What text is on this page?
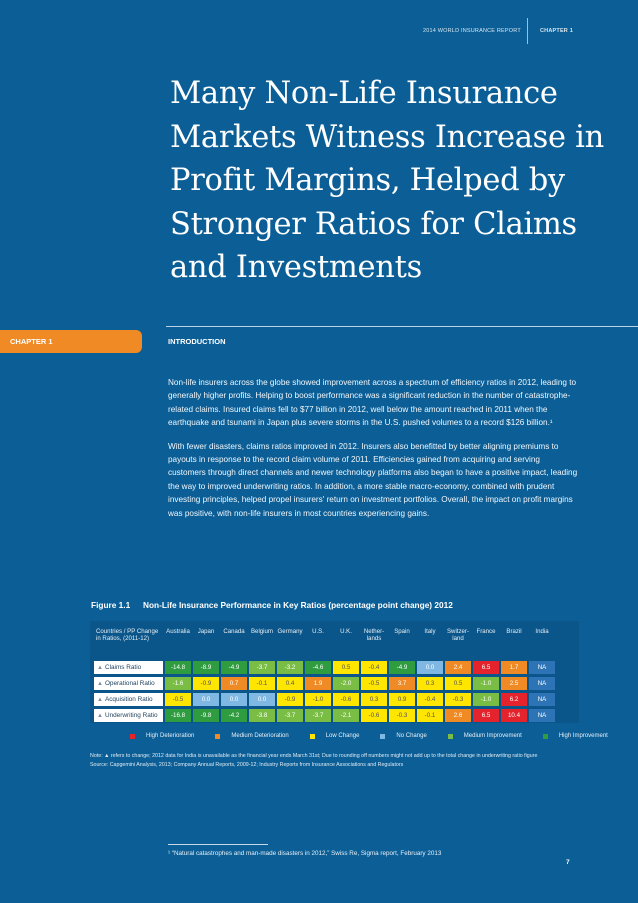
2014 WORLD INSURANCE REPORT	CHAPTER 1
Many Non-Life Insurance Markets Witness Increase in Profit Margins, Helped by Stronger Ratios for Claims and Investments
CHAPTER 1	INTRODUCTION

Non-life insurers across the globe showed improvement across a spectrum of efficiency ratios in 2012, leading to generally higher profits. Helping to boost performance was a significant reduction in the number of catastrophe-related claims. Insured claims fell to $77 billion in 2012, well below the amount reached in 2011 when the earthquake and tsunami in Japan plus severe storms in the U.S. pushed volumes to a record $126 billion.¹

With fewer disasters, claims ratios improved in 2012. Insurers also benefitted by better aligning premiums to payouts in response to the record claim volume of 2011. Efficiencies gained from acquiring and serving customers through direct channels and newer technology platforms also began to have a positive impact, leading the way to improved underwriting ratios. In addition, a more stable macro-economy, combined with prudent investing principles, helped propel insurers' return on investment portfolios. Overall, the impact on profit margins was positive, with non-life insurers in most countries experiencing gains.

Figure 1.1 Non-Life Insurance Performance in Key Ratios (percentage point change) 2012
Countries / PP Change in Ratios, (2011-12)	Australia	Japan	Canada	Belgium	Germany	U.S.	U.K.	Nether- lands	Spain	Italy	Switzer- land	France	Brazil	India
▲ Claims Ratio	-14.8	-8.9	-4.9	-3.7	-3.2	-4.6	0.5	-0.4	-4.9	0.0	2.4	6.5	1.7	NA
▲ Operational Ratio	-1.6	-0.9	0.7	-0.1	0.4	1.9	-2.0	-0.5	3.7	0.3	0.5	-1.0	2.5	NA
▲ Acquisition Ratio	-0.5	0.0	0.0	0.0	-0.9	-1.0	-0.6	0.3	0.9	-0.4	-0.3	-1.0	6.2	NA
▲ Underwriting Ratio	-16.8	-9.8	-4.2	-3.8	-3.7	-3.7	-2.1	-0.6	-0.3	-0.1	2.6	6.5	10.4	NA
High Deterioration	Medium Deterioration	Low Change	No Change	Medium Improvement	High Improvement
Note: ▲ refers to change; 2012 data for India is unavailable as the financial year ends March 31st; Due to rounding off numbers might not add up to the total change in underwriting ratio figure
Source: Capgemini Analysis, 2013; Company Annual Reports, 2009-12; Industry Reports from Insurance Associations and Regulators
¹ “Natural catastrophes and man-made disasters in 2012,” Swiss Re, Sigma report, February 2013
7
